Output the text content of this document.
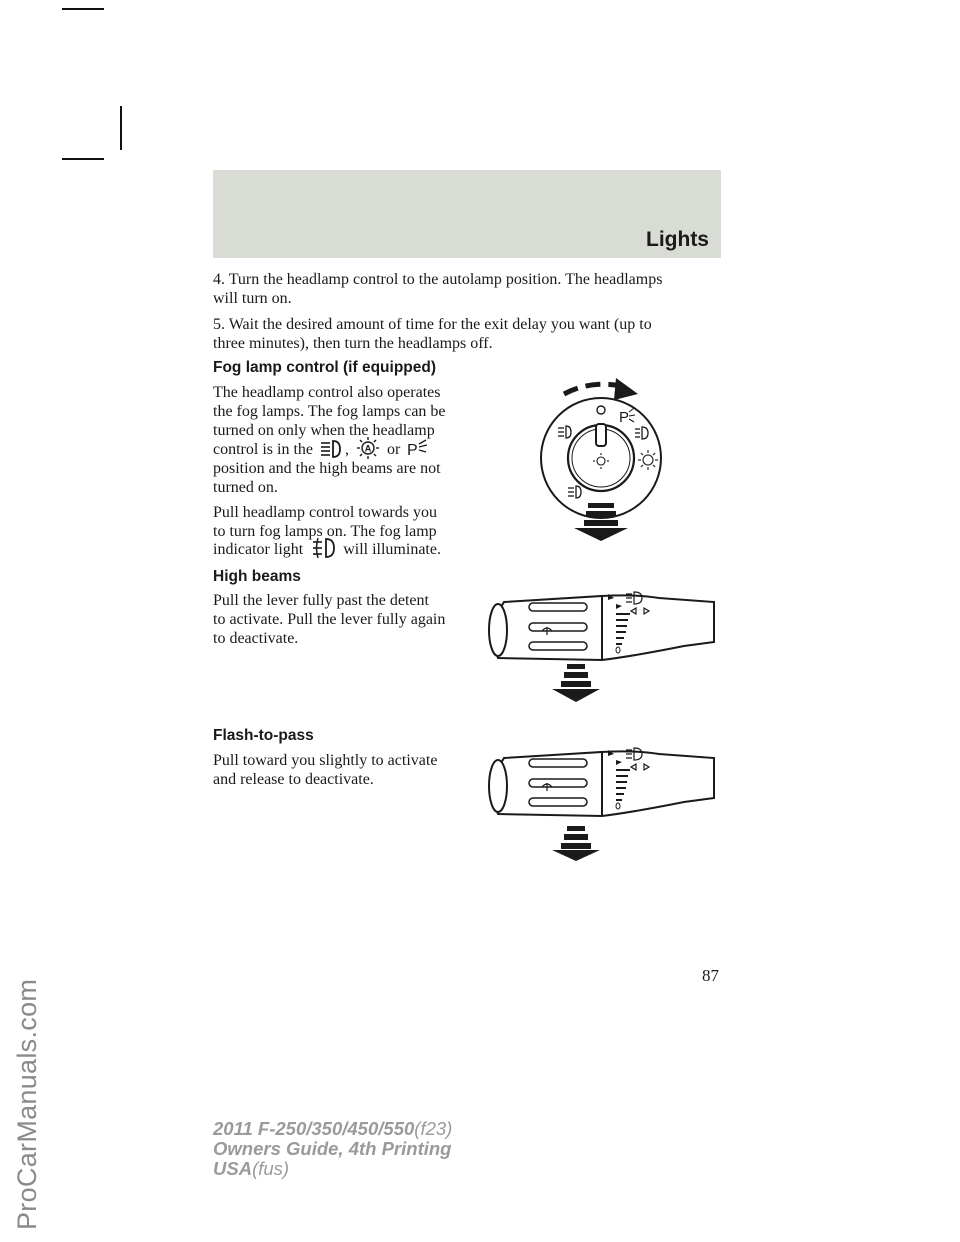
ProCarManuals.com
Lights

4. Turn the headlamp control to the autolamp position. The headlamps

will turn on.

5. Wait the desired amount of time for the exit delay you want (up to

three minutes), then turn the headlamps off.

Fog lamp control (if equipped)

The headlamp control also operates

the fog lamps. The fog lamps can be

turned on only when the headlamp

control is in the , A or P

position and the high beams are not

turned on.

Pull headlamp control towards you

to turn fog lamps on. The fog lamp

indicator light	will illuminate.

P
High beams

Pull the lever fully past the detent

to activate. Pull the lever fully again

to deactivate.

Flash-to-pass

Pull toward you slightly to activate

and release to deactivate.

87
2011 F-250/350/450/550(f23)
Owners Guide, 4th Printing
USA(fus)
